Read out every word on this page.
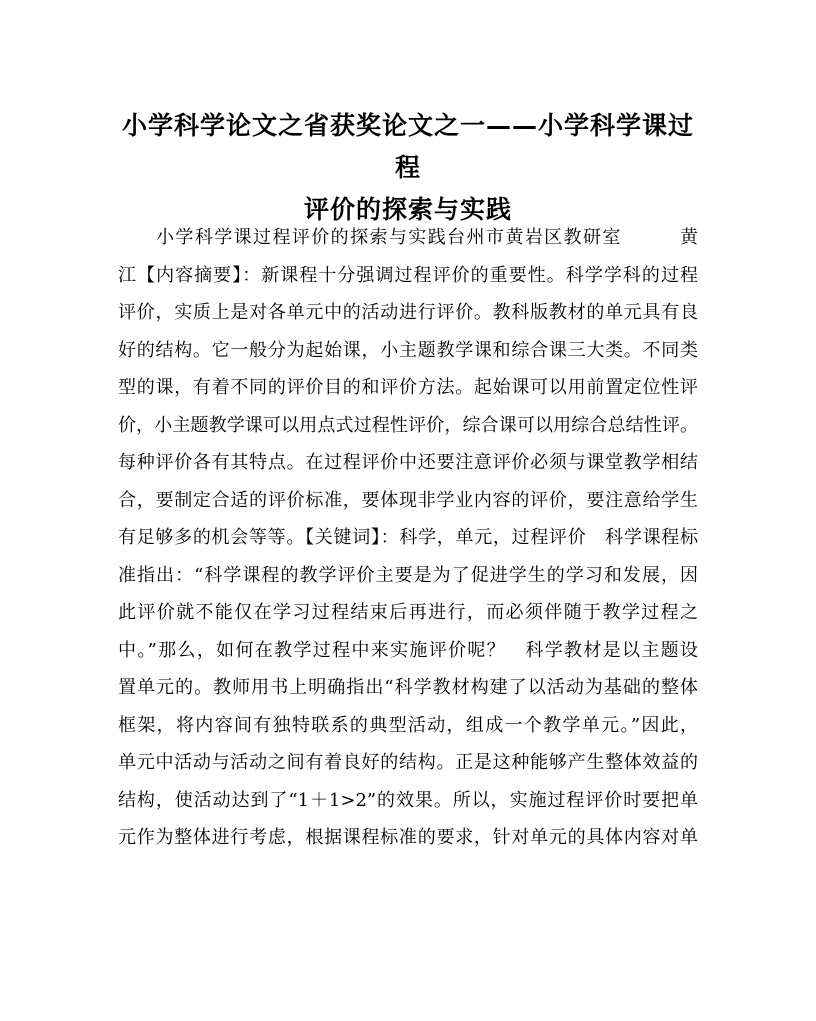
小学科学论文之省获奖论文之一——小学科学课过程
评价的探索与实践
小学科学课过程评价的探索与实践台州市黄岩区教研室　　　黄
江【内容摘要】：新课程十分强调过程评价的重要性。科学学科的过程
评价，实质上是对各单元中的活动进行评价。教科版教材的单元具有良
好的结构。它一般分为起始课，小主题教学课和综合课三大类。不同类
型的课，有着不同的评价目的和评价方法。起始课可以用前置定位性评
价，小主题教学课可以用点式过程性评价，综合课可以用综合总结性评。
每种评价各有其特点。在过程评价中还要注意评价必须与课堂教学相结
合，要制定合适的评价标准，要体现非学业内容的评价，要注意给学生
有足够多的机会等等。【关键词】：科学，单元，过程评价　科学课程标
准指出：“科学课程的教学评价主要是为了促进学生的学习和发展，因
此评价就不能仅在学习过程结束后再进行，而必须伴随于教学过程之
中。”那么，如何在教学过程中来实施评价呢？　科学教材是以主题设
置单元的。教师用书上明确指出“科学教材构建了以活动为基础的整体
框架，将内容间有独特联系的典型活动，组成一个教学单元。”因此，
单元中活动与活动之间有着良好的结构。正是这种能够产生整体效益的
结构，使活动达到了“1＋1>2”的效果。所以，实施过程评价时要把单
元作为整体进行考虑，根据课程标准的要求，针对单元的具体内容对单
